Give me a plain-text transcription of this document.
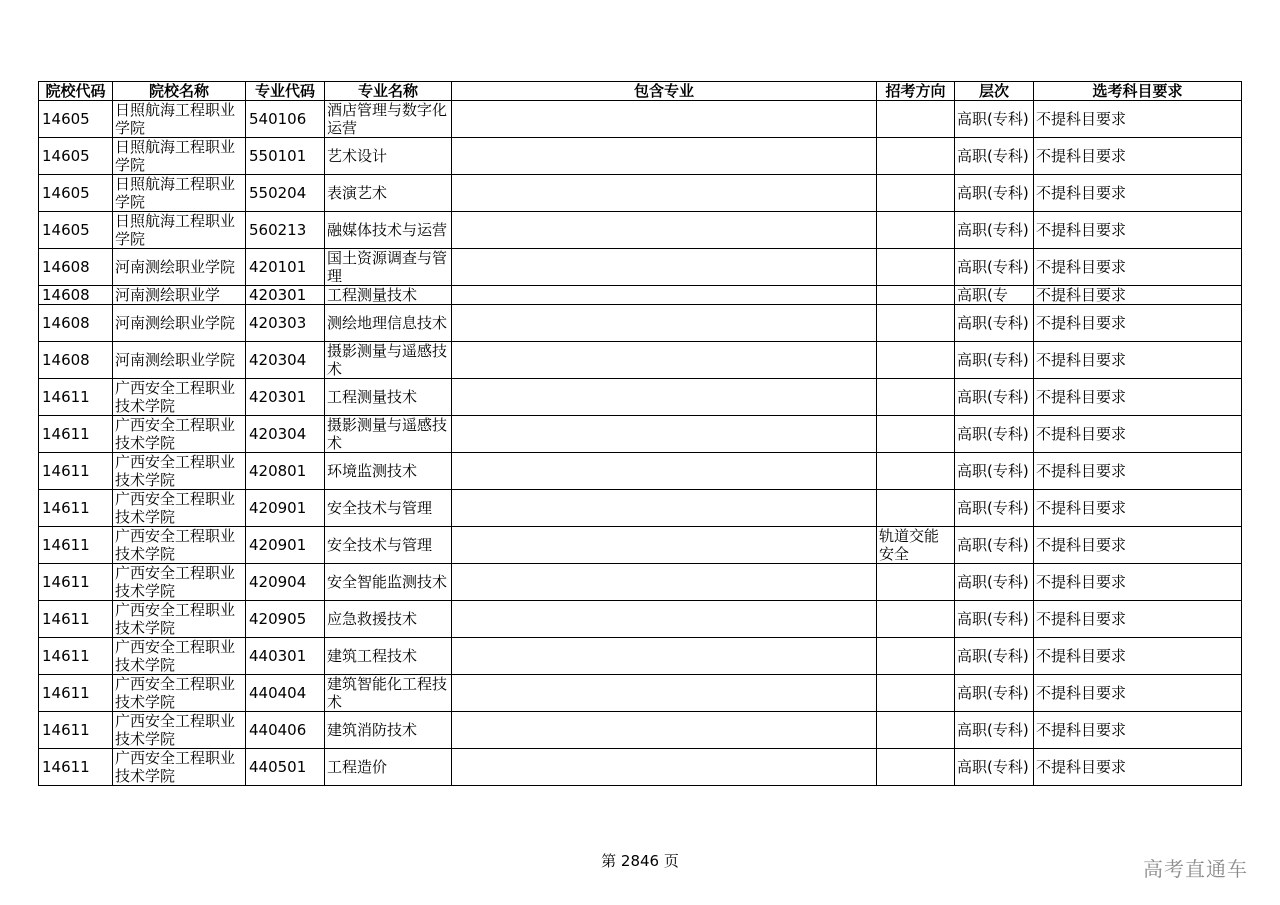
院校代码	院校名称	专业代码	专业名称	包含专业	招考方向	层次	选考科目要求

14605	日照航海工程职业学院	540106	酒店管理与数字化运营			高职(专科)	不提科目要求

14605	日照航海工程职业学院	550101	艺术设计			高职(专科)	不提科目要求

14605	日照航海工程职业学院	550204	表演艺术			高职(专科)	不提科目要求

14605	日照航海工程职业学院	560213	融媒体技术与运营			高职(专科)	不提科目要求

14608	河南测绘职业学院	420101	国土资源调查与管理			高职(专科)	不提科目要求

14608	河南测绘职业学	420301	工程测量技术			高职(专	不提科目要求

14608	河南测绘职业学院	420303	测绘地理信息技术			高职(专科)	不提科目要求

14608	河南测绘职业学院	420304	摄影测量与遥感技术			高职(专科)	不提科目要求

14611	广西安全工程职业技术学院	420301	工程测量技术			高职(专科)	不提科目要求

14611	广西安全工程职业技术学院	420304	摄影测量与遥感技术			高职(专科)	不提科目要求

14611	广西安全工程职业技术学院	420801	环境监测技术			高职(专科)	不提科目要求

14611	广西安全工程职业技术学院	420901	安全技术与管理			高职(专科)	不提科目要求

14611	广西安全工程职业技术学院	420901	安全技术与管理		轨道交能安全	高职(专科)	不提科目要求

14611	广西安全工程职业技术学院	420904	安全智能监测技术			高职(专科)	不提科目要求

14611	广西安全工程职业技术学院	420905	应急救援技术			高职(专科)	不提科目要求

14611	广西安全工程职业技术学院	440301	建筑工程技术			高职(专科)	不提科目要求

14611	广西安全工程职业技术学院	440404	建筑智能化工程技术			高职(专科)	不提科目要求

14611	广西安全工程职业技术学院	440406	建筑消防技术			高职(专科)	不提科目要求

14611	广西安全工程职业技术学院	440501	工程造价			高职(专科)	不提科目要求
第 2846 页	高考直通车
